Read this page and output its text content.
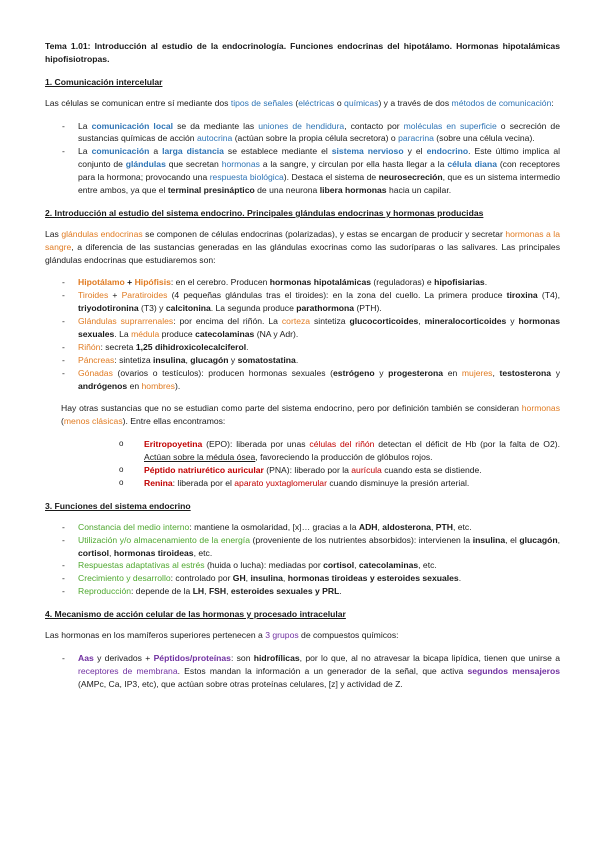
Tema 1.01: Introducción al estudio de la endocrinología. Funciones endocrinas del hipotálamo. Hormonas hipotalámicas hipofisiotropas.
1. Comunicación intercelular
Las células se comunican entre sí mediante dos tipos de señales (eléctricas o químicas) y a través de dos métodos de comunicación:
- La comunicación local se da mediante las uniones de hendidura, contacto por moléculas en superficie o secreción de sustancias químicas de acción autocrina (actúan sobre la propia célula secretora) o paracrina (sobre una célula vecina).
- La comunicación a larga distancia se establece mediante el sistema nervioso y el endocrino. Este último implica al conjunto de glándulas que secretan hormonas a la sangre, y circulan por ella hasta llegar a la célula diana (con receptores para la hormona; provocando una respuesta biológica). Destaca el sistema de neurosecreción, que es un sistema intermedio entre ambos, ya que el terminal presináptico de una neurona libera hormonas hacia un capilar.
2. Introducción al estudio del sistema endocrino. Principales glándulas endocrinas y hormonas producidas
Las glándulas endocrinas se componen de células endocrinas (polarizadas), y estas se encargan de producir y secretar hormonas a la sangre, a diferencia de las sustancias generadas en las glándulas exocrinas como las sudoríparas o las salivares. Las principales glándulas endocrinas que estudiaremos son:
- Hipotálamo + Hipófisis: en el cerebro. Producen hormonas hipotalámicas (reguladoras) e hipofisiarias.
- Tiroides + Paratiroides (4 pequeñas glándulas tras el tiroides): en la zona del cuello. La primera produce tiroxina (T4), triyodotironina (T3) y calcitonina. La segunda produce parathormona (PTH).
- Glándulas suprarrenales: por encima del riñón. La corteza sintetiza glucocorticoides, mineralocorticoides y hormonas sexuales. La médula produce catecolaminas (NA y Adr).
- Riñón: secreta 1,25 dihidroxicolecalciferol.
- Páncreas: sintetiza insulina, glucagón y somatostatina.
- Gónadas (ovarios o testículos): producen hormonas sexuales (estrógeno y progesterona en mujeres, testosterona y andrógenos en hombres).
Hay otras sustancias que no se estudian como parte del sistema endocrino, pero por definición también se consideran hormonas (menos clásicas). Entre ellas encontramos:
o Eritropoyetina (EPO): liberada por unas células del riñón detectan el déficit de Hb (por la falta de O2). Actúan sobre la médula ósea, favoreciendo la producción de glóbulos rojos.
o Péptido natriurético auricular (PNA): liberado por la aurícula cuando esta se distiende.
o Renina: liberada por el aparato yuxtaglomerular cuando disminuye la presión arterial.
3. Funciones del sistema endocrino
- Constancia del medio interno: mantiene la osmolaridad, [x]… gracias a la ADH, aldosterona, PTH, etc.
- Utilización y/o almacenamiento de la energía (proveniente de los nutrientes absorbidos): intervienen la insulina, el glucagón, cortisol, hormonas tiroideas, etc.
- Respuestas adaptativas al estrés (huida o lucha): mediadas por cortisol, catecolaminas, etc.
- Crecimiento y desarrollo: controlado por GH, insulina, hormonas tiroideas y esteroides sexuales.
- Reproducción: depende de la LH, FSH, esteroides sexuales y PRL.
4. Mecanismo de acción celular de las hormonas y procesado intracelular
Las hormonas en los mamíferos superiores pertenecen a 3 grupos de compuestos químicos:
- Aas y derivados + Péptidos/proteínas: son hidrofílicas, por lo que, al no atravesar la bicapa lipídica, tienen que unirse a receptores de membrana. Estos mandan la información a un generador de la señal, que activa segundos mensajeros (AMPc, Ca, IP3, etc), que actúan sobre otras proteínas celulares, [z] y actividad de Z.
